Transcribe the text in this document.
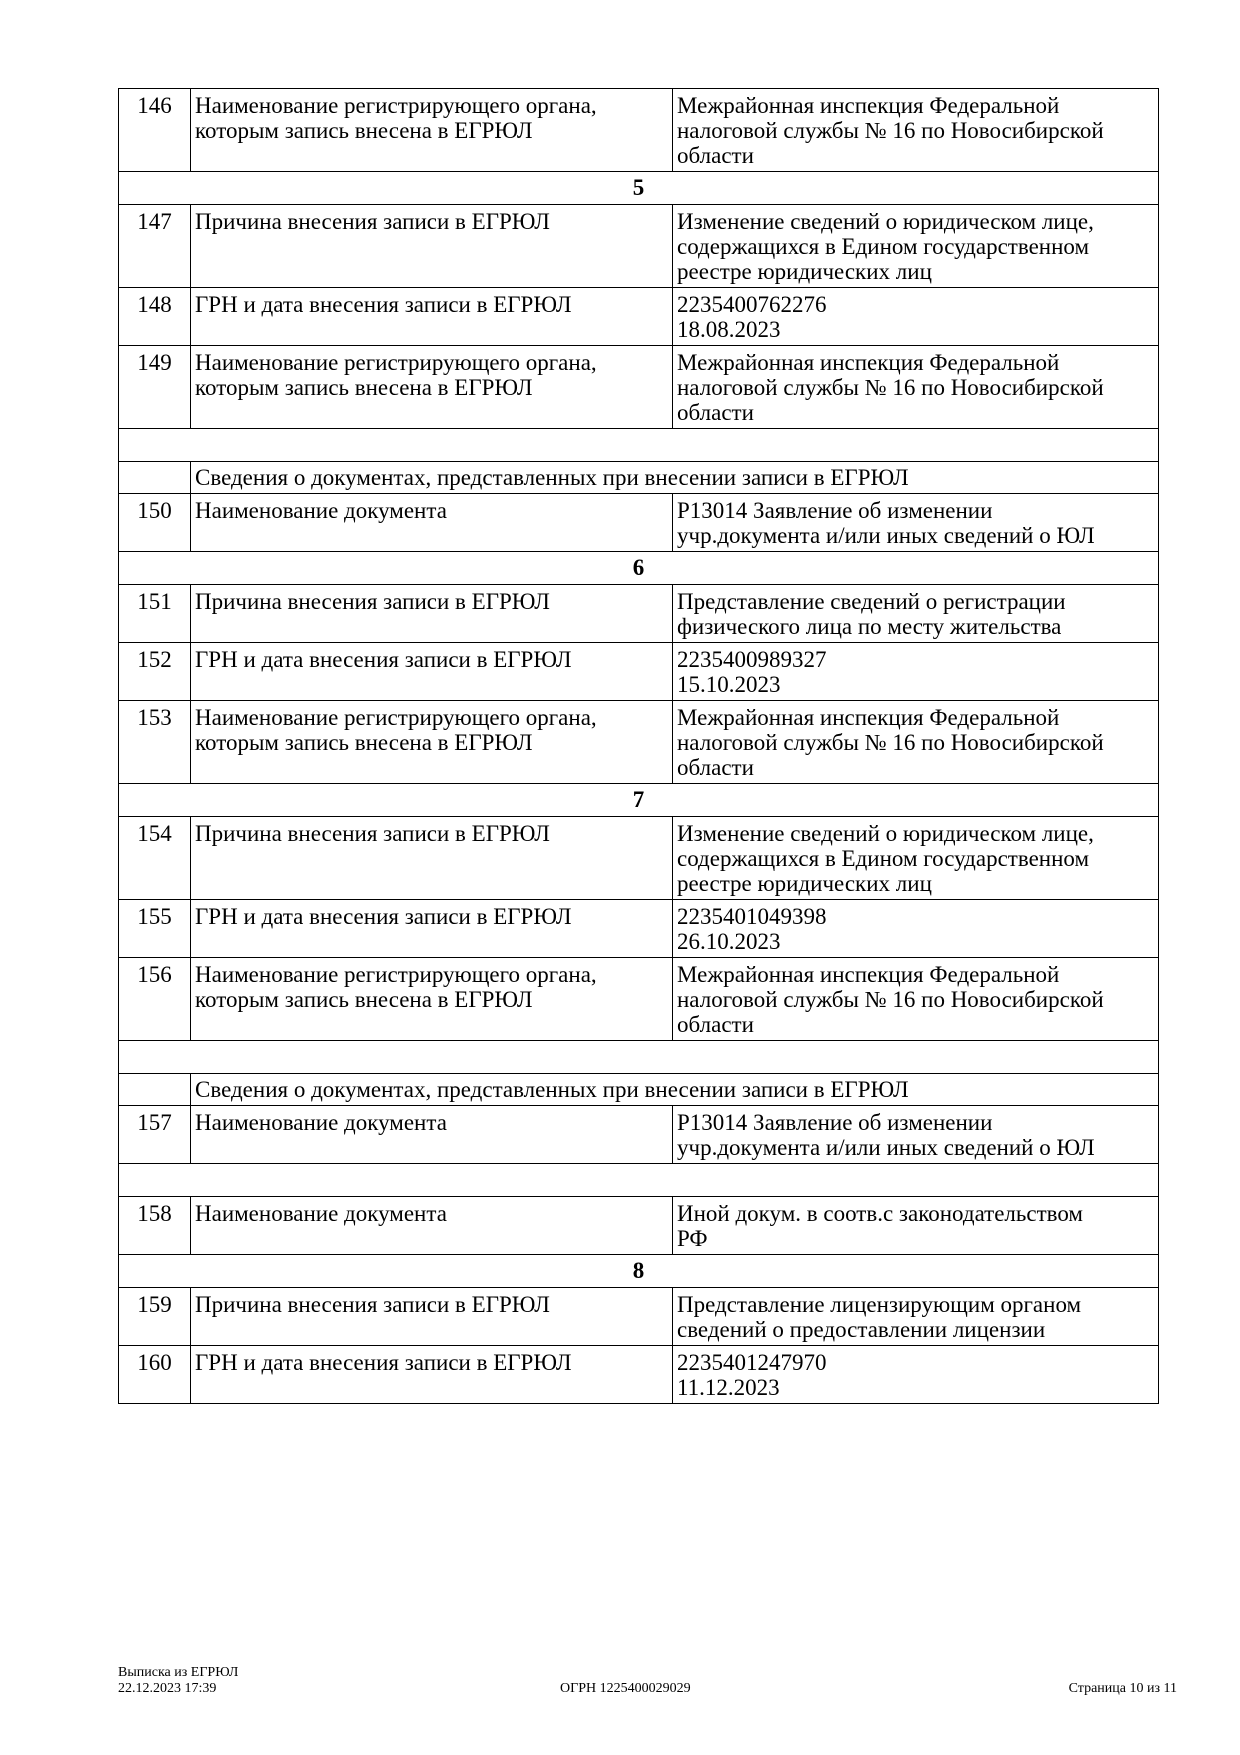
146	Наименование регистрирующего органа,
которым запись внесена в ЕГРЮЛ	Межрайонная инспекция Федеральной
налоговой службы № 16 по Новосибирской
области
5		
147	Причина внесения записи в ЕГРЮЛ	Изменение сведений о юридическом лице,
содержащихся в Едином государственном
реестре юридических лиц
148	ГРН и дата внесения записи в ЕГРЮЛ	2235400762276
18.08.2023
149	Наименование регистрирующего органа,
которым запись внесена в ЕГРЮЛ	Межрайонная инспекция Федеральной
налоговой службы № 16 по Новосибирской
области

	Сведения о документах, представленных при внесении записи в ЕГРЮЛ	
150	Наименование документа	Р13014 Заявление об изменении
учр.документа и/или иных сведений о ЮЛ
6		
151	Причина внесения записи в ЕГРЮЛ	Представление сведений о регистрации
физического лица по месту жительства
152	ГРН и дата внесения записи в ЕГРЮЛ	2235400989327
15.10.2023
153	Наименование регистрирующего органа,
которым запись внесена в ЕГРЮЛ	Межрайонная инспекция Федеральной
налоговой службы № 16 по Новосибирской
области
7		
154	Причина внесения записи в ЕГРЮЛ	Изменение сведений о юридическом лице,
содержащихся в Едином государственном
реестре юридических лиц
155	ГРН и дата внесения записи в ЕГРЮЛ	2235401049398
26.10.2023
156	Наименование регистрирующего органа,
которым запись внесена в ЕГРЮЛ	Межрайонная инспекция Федеральной
налоговой службы № 16 по Новосибирской
области

	Сведения о документах, представленных при внесении записи в ЕГРЮЛ	
157	Наименование документа	Р13014 Заявление об изменении
учр.документа и/или иных сведений о ЮЛ

158	Наименование документа	Иной докум. в соотв.с законодательством
РФ
8		
159	Причина внесения записи в ЕГРЮЛ	Представление лицензирующим органом
сведений о предоставлении лицензии
160	ГРН и дата внесения записи в ЕГРЮЛ	2235401247970
11.12.2023
Выписка из ЕГРЮЛ
22.12.2023 17:39	ОГРН 1225400029029	Страница 10 из 11
